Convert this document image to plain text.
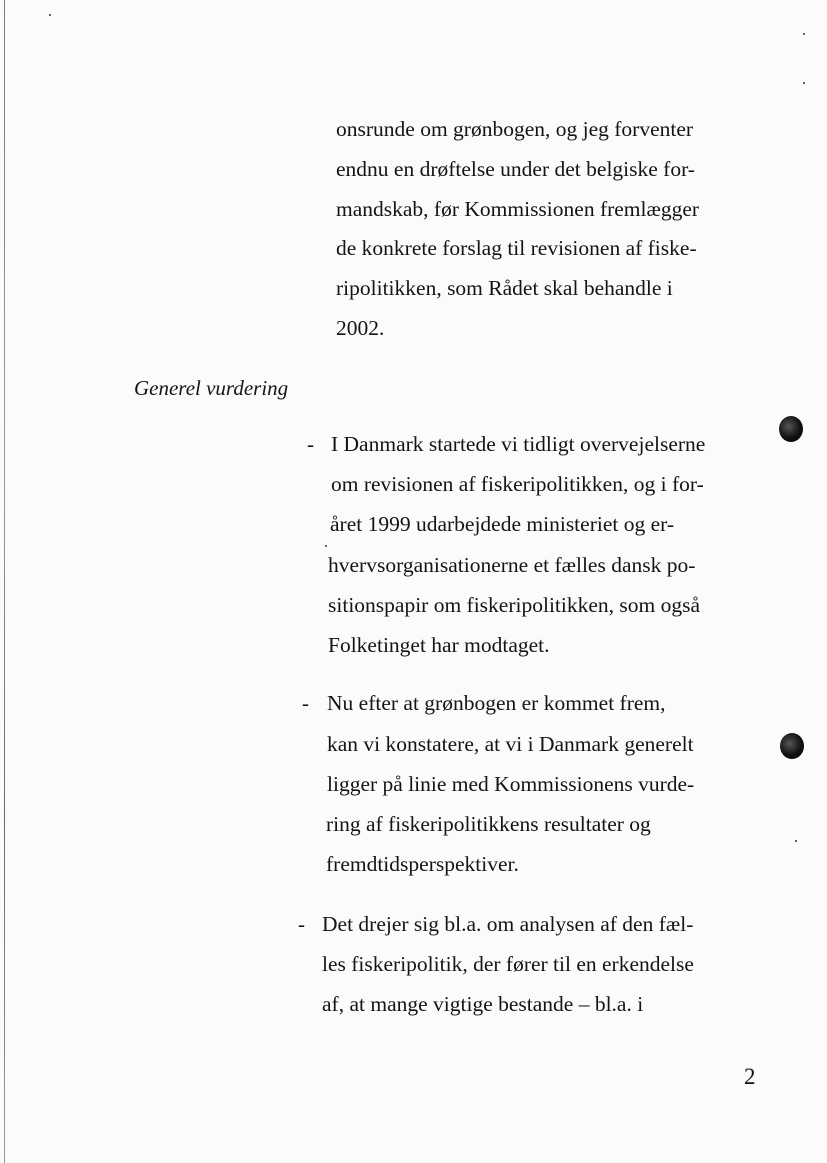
onsrunde om grønbogen, og jeg forventer
endnu en drøftelse under det belgiske for-
mandskab, før Kommissionen fremlægger
de konkrete forslag til revisionen af fiske-
ripolitikken, som Rådet skal behandle i
2002.
Generel vurdering
- I Danmark startede vi tidligt overvejelserne
om revisionen af fiskeripolitikken, og i for-
året 1999 udarbejdede ministeriet og er-
hvervsorganisationerne et fælles dansk po-
sitionspapir om fiskeripolitikken, som også
Folketinget har modtaget.
- Nu efter at grønbogen er kommet frem,
kan vi konstatere, at vi i Danmark generelt
ligger på linie med Kommissionens vurde-
ring af fiskeripolitikkens resultater og
fremdtidsperspektiver.
- Det drejer sig bl.a. om analysen af den fæl-
les fiskeripolitik, der fører til en erkendelse
af, at mange vigtige bestande – bl.a. i
2
